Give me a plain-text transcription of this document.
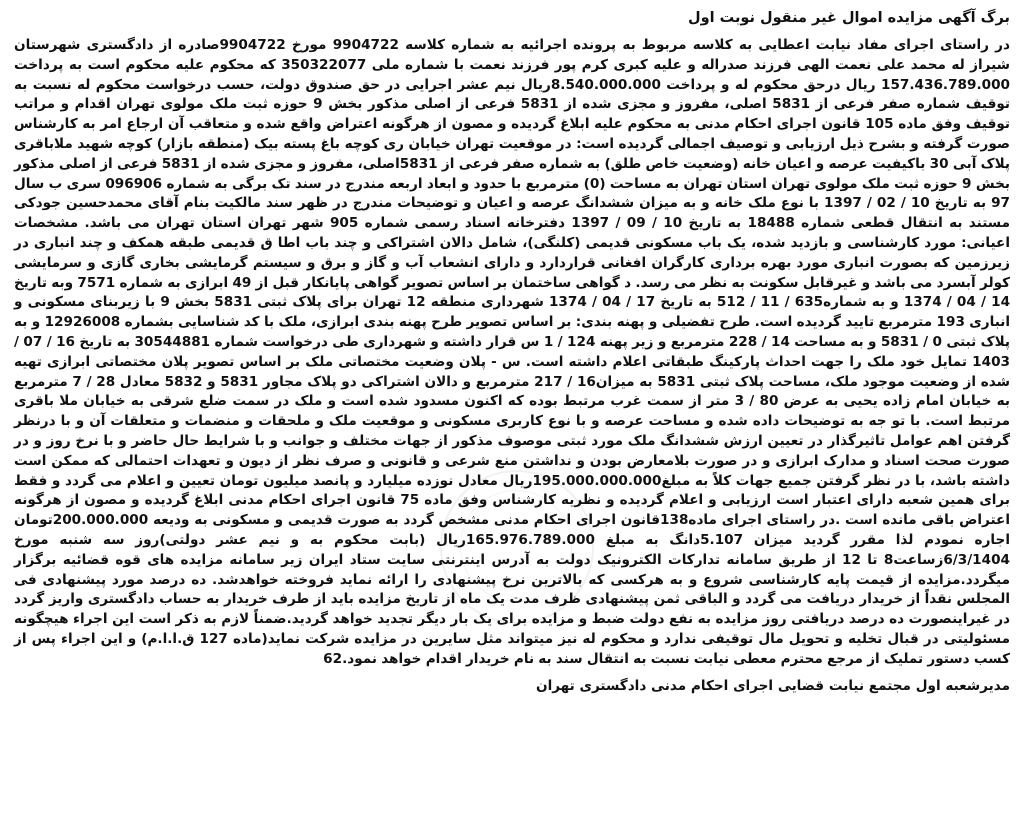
برگ آگهی مزایده اموال غیر منقول نوبت اول

در راستای اجرای مفاد نیابت اعطایی به کلاسه مربوط به پرونده اجرائیه به شماره کلاسه 9904722 مورخ 9904722صادره از دادگستری شهرستان شیراز له محمد علی نعمت الهی فرزند صدراله و علیه کبری کرم پور فرزند نعمت با شماره ملی 350322077 که محکوم علیه محکوم است به پرداخت 157.436.789.000 ریال درحق محکوم له و پرداخت 8.540.000.000ریال نیم عشر اجرایی در حق صندوق دولت، حسب درخواست محکوم له نسبت به توقیف شماره صفر فرعی از 5831 اصلی، مفروز و مجزی شده از 5831 فرعی از اصلی مذکور بخش 9 حوزه ثبت ملک مولوی تهران اقدام و مراتب توقیف وفق ماده 105 قانون اجرای احکام مدنی به محکوم علیه ابلاغ گردیده و مصون از هرگونه اعتراض واقع شده و متعاقب آن ارجاع امر به کارشناس صورت گرفته و بشرح ذیل ارزیابی و توصیف اجمالی گردیده است: در موقعیت تهران خیابان ری کوچه باغ پسته بیک (منطقه بازار) کوچه شهید ملاباقری پلاک آبی 30 باکیفیت عرصه و اعیان خانه (وضعیت خاص طلق) به شماره صفر فرعی از 5831اصلی، مفروز و مجزی شده از 5831 فرعی از اصلی مذکور بخش 9 حوزه ثبت ملک مولوی تهران استان تهران به مساحت (0) مترمربع با حدود و ابعاد اربعه مندرج در سند تک برگی به شماره 096906 سری ب سال 97 به تاریخ 10 / 02 / 1397 با نوع ملک خانه و به میزان ششدانگ عرصه و اعیان و توضیحات مندرج در ظهر سند مالکیت بنام آقای محمدحسین جودکی مستند به انتقال قطعی شماره 18488 به تاریخ 10 / 09 / 1397 دفترخانه اسناد رسمی شماره 905 شهر تهران استان تهران می باشد. مشخصات اعیانی: مورد کارشناسی و بازدید شده، یک باب مسکونی قدیمی (کلنگی)، شامل دالان اشتراکی و چند باب اطا ق قدیمی طبقه همکف و چند انباری در زیرزمین که بصورت انباری مورد بهره برداری کارگران افغانی قراردارد و دارای انشعاب آب و گاز و برق و سیستم گرمایشی بخاری گازی و سرمایشی کولر آبسرد می باشد و غیرقابل سکونت به نظر می رسد. د گواهی ساختمان بر اساس تصویر گواهی پایانکار قبل از 49 ابرازی به شماره 7571 وبه تاریخ 14 / 04 / 1374 و به شماره635 / 11 / 512 به تاریخ 17 / 04 / 1374 شهرداری منطقه 12 تهران برای پلاک ثبتی 5831 بخش 9 با زیربنای مسکونی و انباری 193 مترمربع تایید گردیده است. طرح تفضیلی و پهنه بندی: بر اساس تصویر طرح پهنه بندی ابرازی، ملک با کد شناسایی بشماره 12926008 و به پلاک ثبتی 0 / 5831 و به مساحت 14 / 228 مترمربع و زیر پهنه 124 / 1 س قرار داشته و شهرداری طی درخواست شماره 30544881 به تاریخ 16 / 07 / 1403 تمایل خود ملک را جهت احداث پارکینگ طبقاتی اعلام داشته است. س - پلان وضعیت مختصاتی ملک بر اساس تصویر پلان مختصاتی ابرازی تهیه شده از وضعیت موجود ملک، مساحت پلاک ثبتی 5831 به میزان16 / 217 مترمربع و دالان اشتراکی دو پلاک مجاور 5831 و 5832 معادل 28 / 7 مترمربع به خیابان امام زاده یحیی به عرض 80 / 3 متر از سمت غرب مرتبط بوده که اکنون مسدود شده است و ملک در سمت ضلع شرقی به خیابان ملا باقری مرتبط است. با تو جه به توضیحات داده شده و مساحت عرصه و با نوع کاربری مسکونی و موقعیت ملک و ملحقات و منضمات و متعلقات آن و با درنظر گرفتن اهم عوامل تاثیرگذار در تعیین ارزش ششدانگ ملک مورد ثبتی موصوف مذکور از جهات مختلف و جوانب و با شرایط حال حاضر و با نرخ روز و در صورت صحت اسناد و مدارک ابرازی و در صورت بلامعارض بودن و نداشتن منع شرعی و قانونی و صرف نظر از دیون و تعهدات احتمالی که ممکن است داشته باشد، با در نظر گرفتن جمیع جهات کلاً به مبلغ195.000.000.000ریال معادل نوزده میلیارد و پانصد میلیون تومان تعیین و اعلام می گردد و فقط برای همین شعبه دارای اعتبار است ارزیابی و اعلام گردیده و نظریه کارشناس وفق ماده 75 قانون اجرای احکام مدنی ابلاغ گردیده و مصون از هرگونه اعتراض باقی مانده است .در راستای اجرای ماده138قانون اجرای احکام مدنی مشخص گردد به صورت قدیمی و مسکونی به ودیعه 200.000.000تومان اجاره نمودم لذا مقرر گردید میزان 5.107دانگ به مبلغ 165.976.789.000ریال (بابت محکوم به و نیم عشر دولتی)روز سه شنبه مورخ 6/3/1404زساعت8 تا 12 از طریق سامانه تدارکات الکترونیک دولت به آدرس اینترنتی سایت ستاد ایران زیر سامانه مزایده های قوه قضائیه برگزار میگردد.مزایده از قیمت پایه کارشناسی شروع و به هرکسی که بالاترین نرخ پیشنهادی را ارائه نماید فروخته خواهدشد. ده درصد مورد پیشنهادی فی المجلس نقداً از خریدار دریافت می گردد و الباقی ثمن پیشنهادی ظرف مدت یک ماه از تاریخ مزایده باید از طرف خریدار به حساب دادگستری واریز گردد در غیراینصورت ده درصد دریافتی روز مزایده به نفع دولت ضبط و مزایده برای یک بار دیگر تجدید خواهد گردید.ضمناً لازم به ذکر است این اجراء هیچگونه مسئولیتی در قبال تخلیه و تحویل مال توقیفی ندارد و محکوم له نیز میتواند مثل سایرین در مزایده شرکت نماید(ماده 127 ق.ا.ا.م) و این اجراء پس از کسب دستور تملیک از مرجع محترم معطی نیابت نسبت به انتقال سند به نام خریدار اقدام خواهد نمود.62

مدیرشعبه اول مجتمع نیابت قضایی اجرای احکام مدنی دادگستری تهران
